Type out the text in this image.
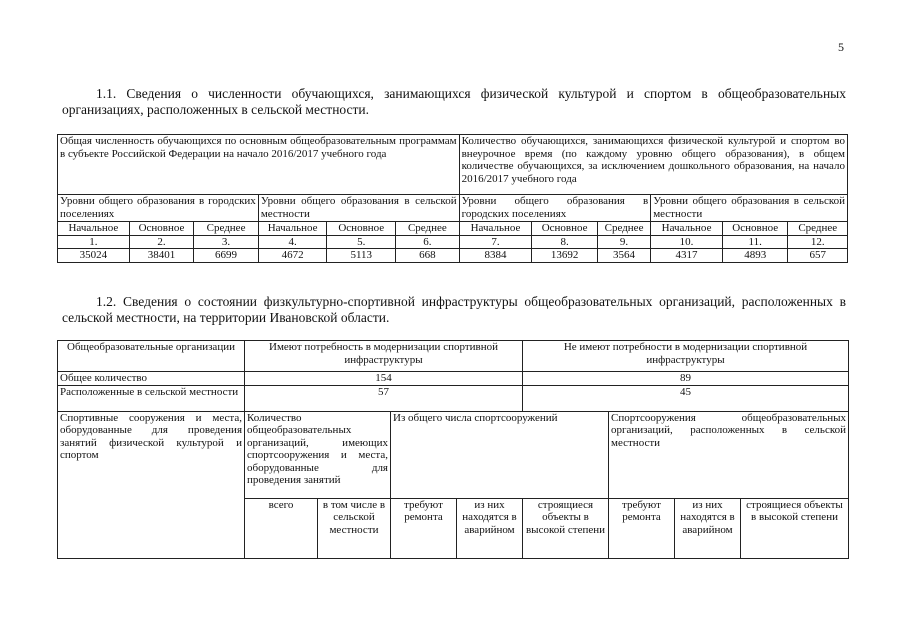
5
1.1. Сведения о численности обучающихся, занимающихся физической культурой и спортом в общеобразовательных организациях, расположенных в сельской местности.
Общая численность обучающихся по основным общеобразовательным программам в субъекте Российской Федерации на начало 2016/2017 учебного года						Количество обучающихся, занимающихся физической культурой и спортом во внеурочное время (по каждому уровню общего образования), в общем количестве обучающихся, за исключением дошкольного образования, на начало 2016/2017 учебного года					
Уровни общего образования в городских поселениях			Уровни общего образования в сельской местности			Уровни общего образования в городских поселениях			Уровни общего образования в сельской местности		
Начальное	Основное	Среднее	Начальное	Основное	Среднее	Начальное	Основное	Среднее	Начальное	Основное	Среднее
1.	2.	3.	4.	5.	6.	7.	8.	9.	10.	11.	12.
35024	38401	6699	4672	5113	668	8384	13692	3564	4317	4893	657
1.2. Сведения о состоянии физкультурно-спортивной инфраструктуры общеобразовательных организаций, расположенных в сельской местности, на территории Ивановской области.
Общеобразовательные организации	Имеют потребность в модернизации спортивной инфраструктуры				Не имеют потребности в модернизации спортивной инфраструктуры			
Общее количество	154				89			
Расположенные в сельской местности	57				45			
Спортивные сооружения и места, оборудованные для проведения занятий физической культурой и спортом	Количество общеобразовательных организаций, имеющих спортсооружения и места, оборудованные для проведения занятий		Из общего числа спортсооружений			Спортсооружения общеобразовательных организаций, расположенных в сельской местности		
	всего	в том числе в сельской местности	требуют ремонта	из них находятся в аварийном	строящиеся объекты в высокой степени	требуют ремонта	из них находятся в аварийном	строящиеся объекты в высокой степени
